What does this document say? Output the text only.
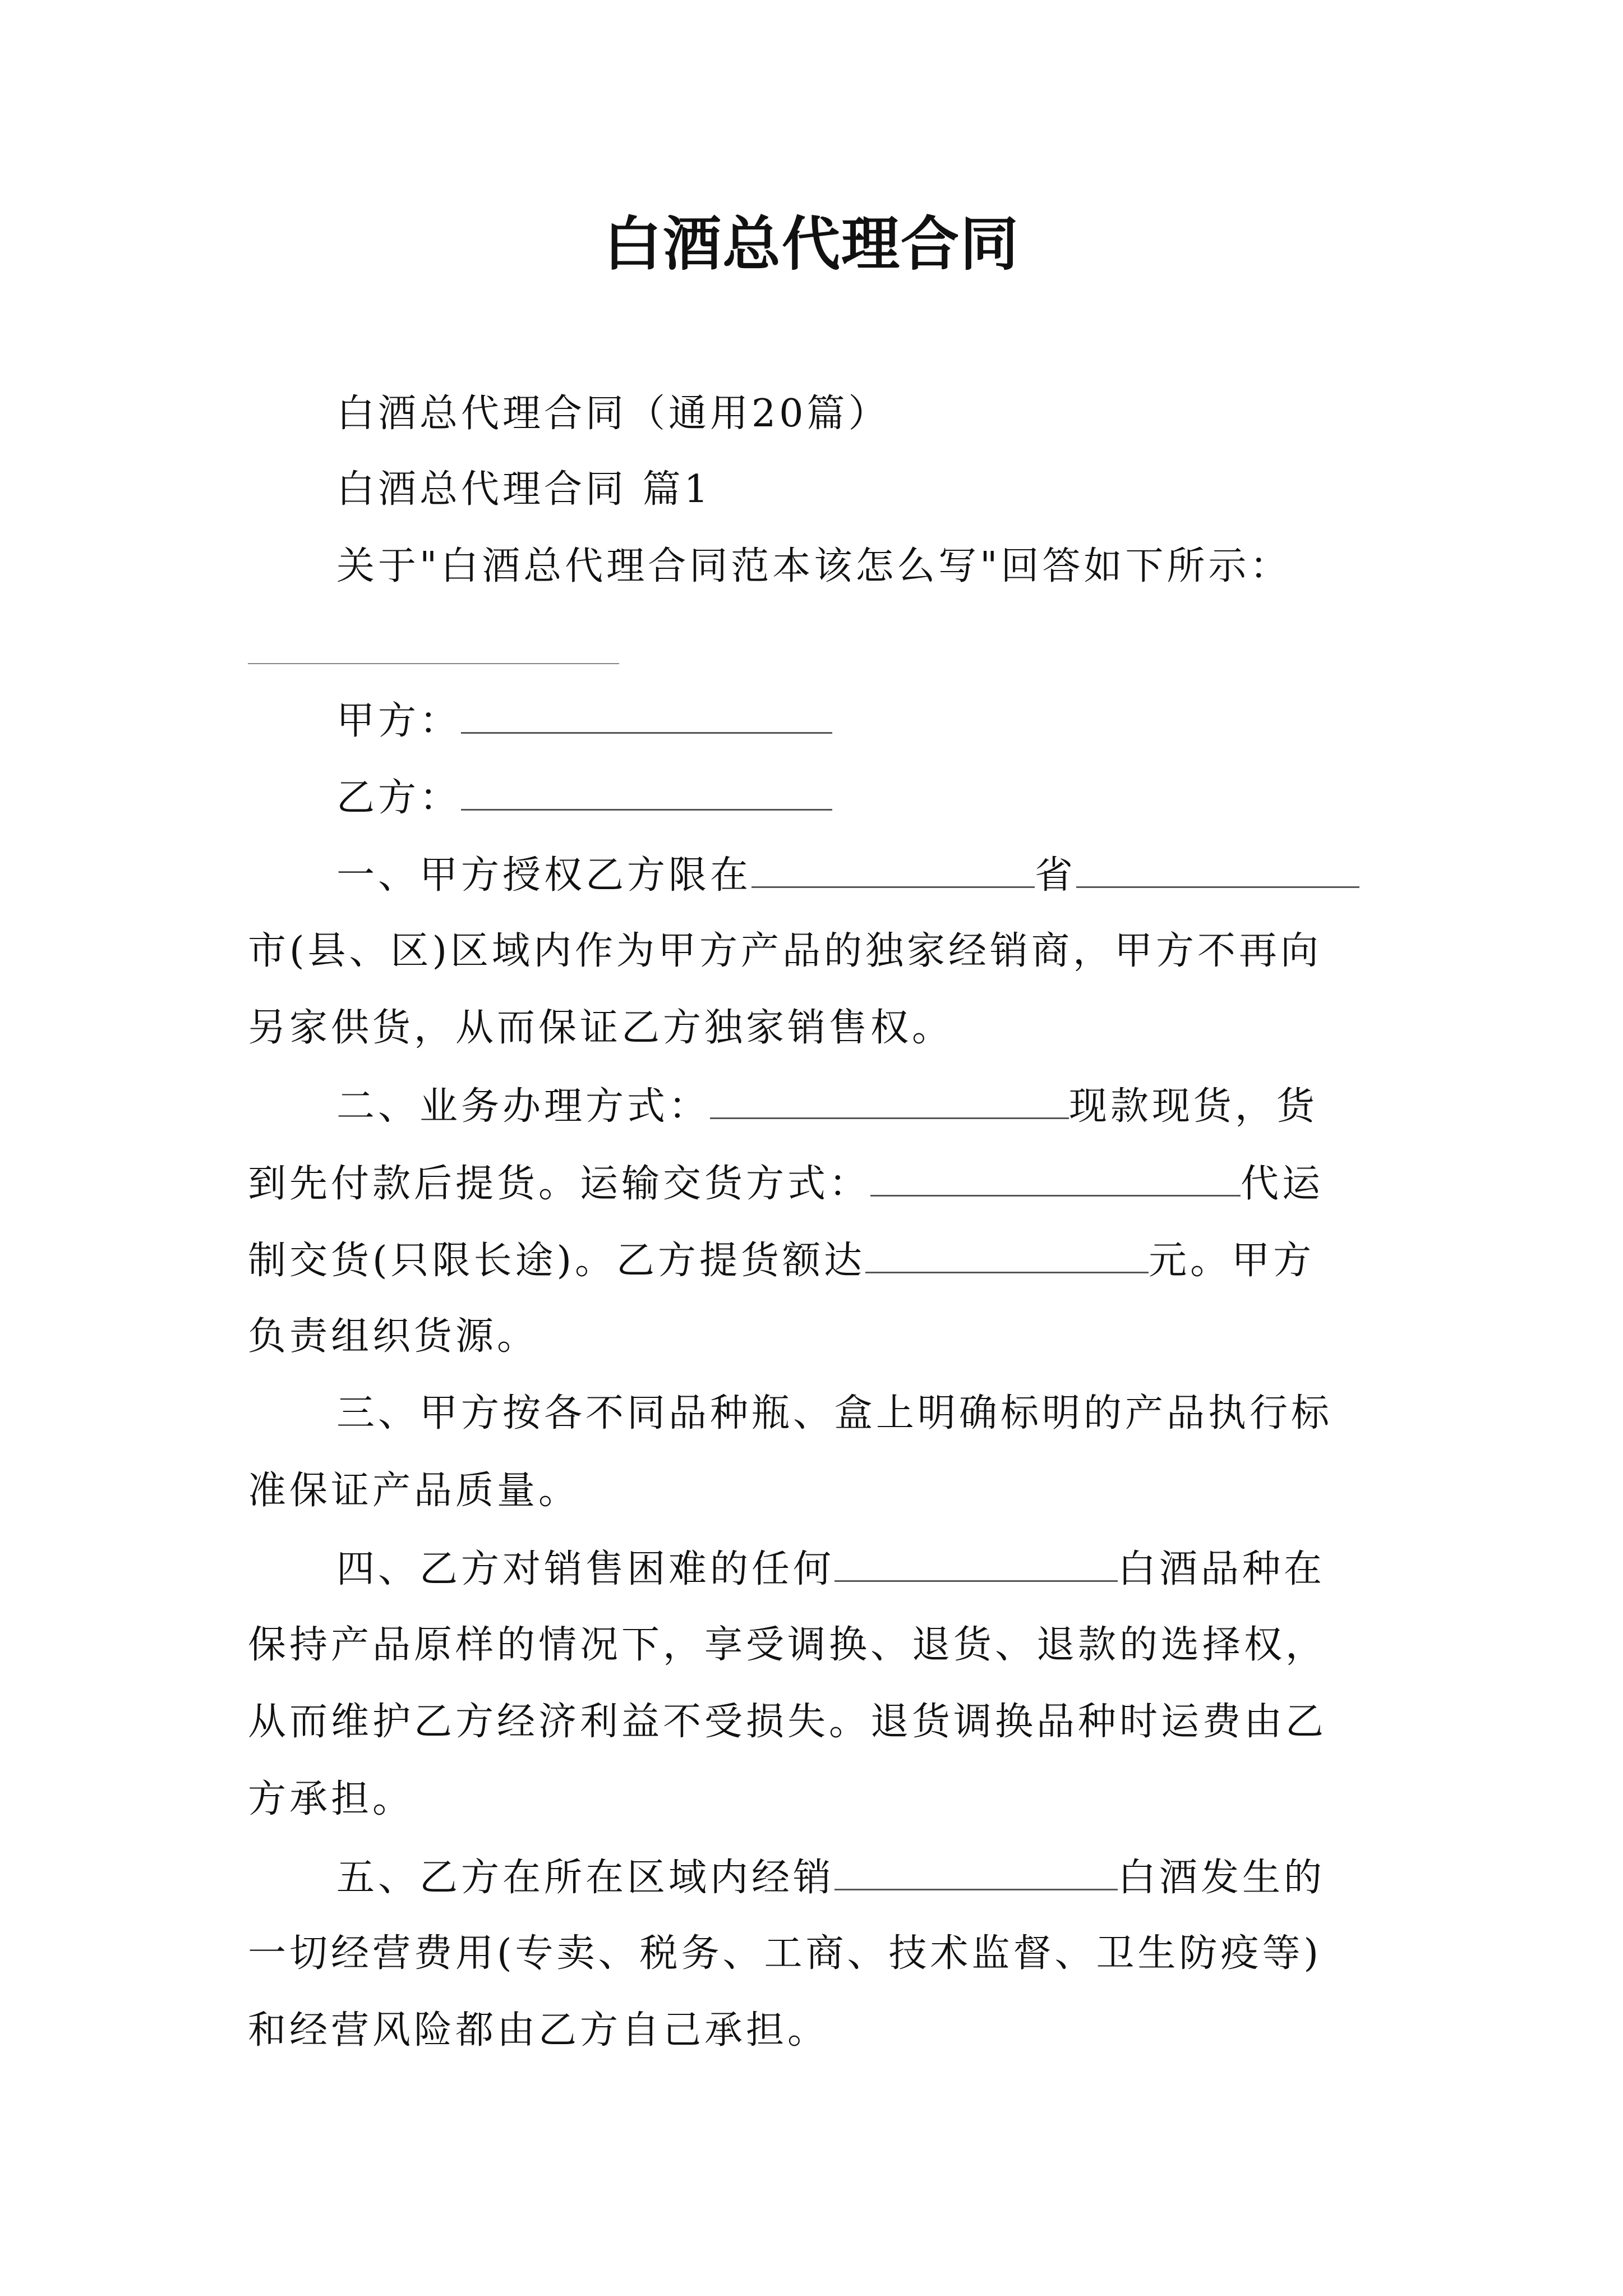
白酒总代理合同
白酒总代理合同（通用20篇）
白酒总代理合同 篇1
关于"白酒总代理合同范本该怎么写"回答如下所示：
甲方：
乙方：
一、甲方授权乙方限在	省
市(县、区)区域内作为甲方产品的独家经销商，甲方不再向
另家供货，从而保证乙方独家销售权。
二、业务办理方式：	现款现货，货
到先付款后提货。运输交货方式：	代运
制交货(只限长途)。乙方提货额达	元。甲方
负责组织货源。
三、甲方按各不同品种瓶、盒上明确标明的产品执行标
准保证产品质量。
四、乙方对销售困难的任何	白酒品种在
保持产品原样的情况下，享受调换、退货、退款的选择权，
从而维护乙方经济利益不受损失。退货调换品种时运费由乙
方承担。
五、乙方在所在区域内经销	白酒发生的
一切经营费用(专卖、税务、工商、技术监督、卫生防疫等)
和经营风险都由乙方自己承担。
